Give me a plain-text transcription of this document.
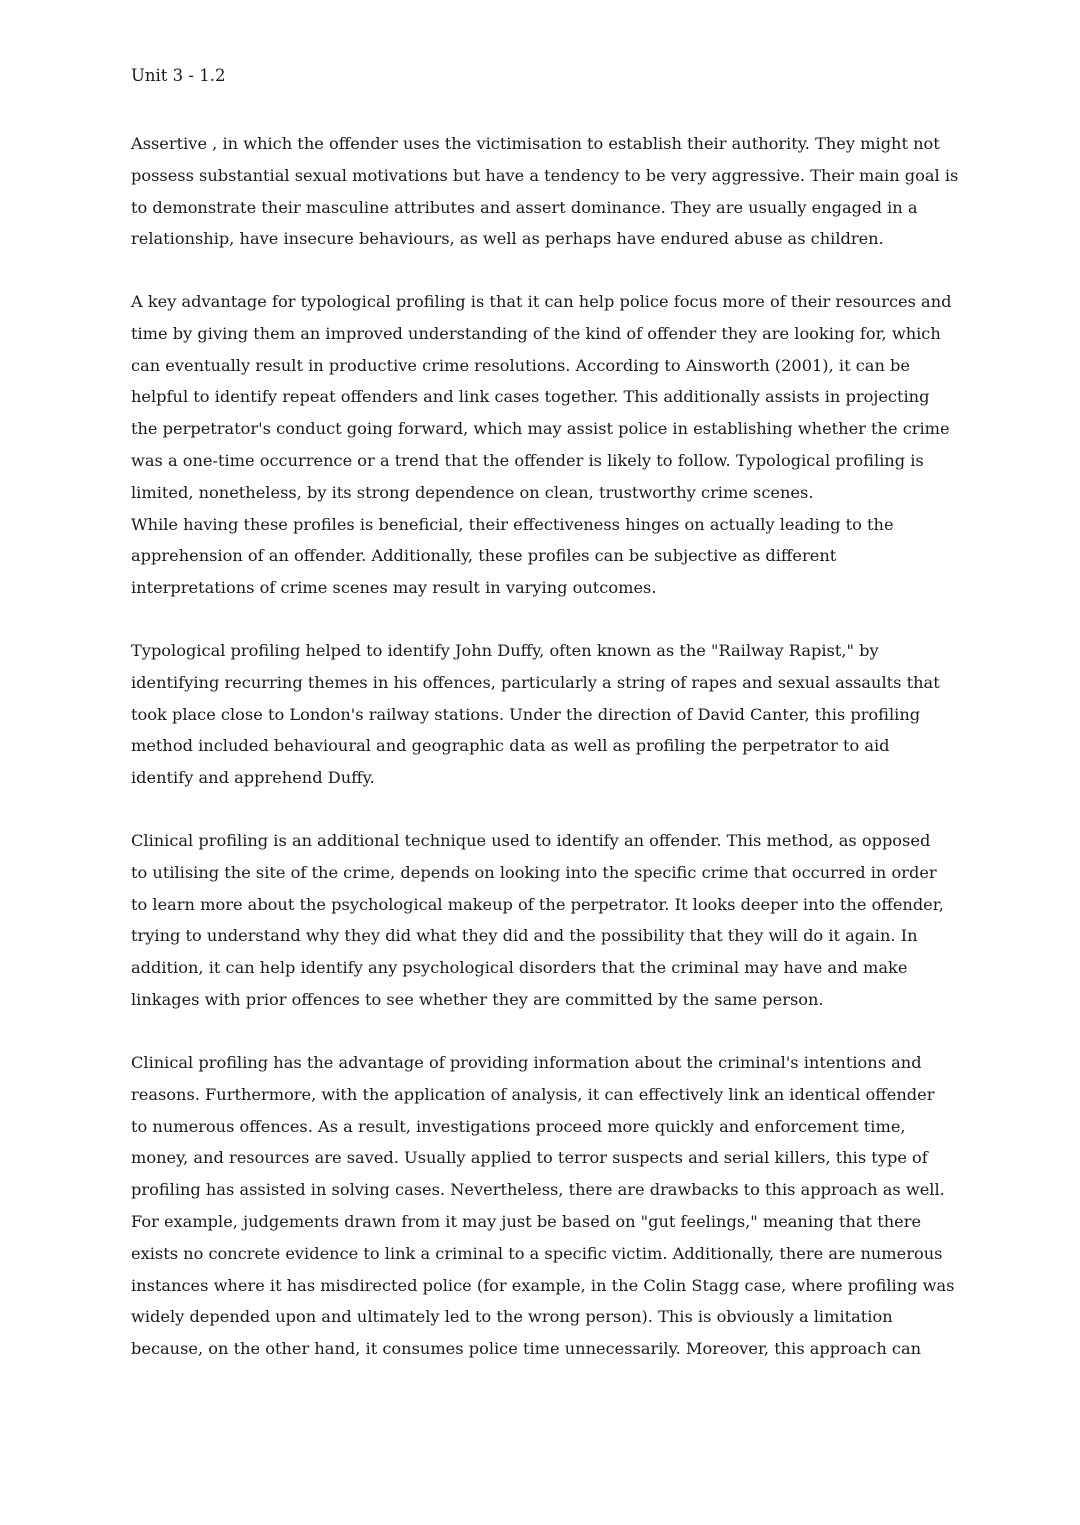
Unit 3 - 1.2
Assertive , in which the offender uses the victimisation to establish their authority. They might not
possess substantial sexual motivations but have a tendency to be very aggressive. Their main goal is
to demonstrate their masculine attributes and assert dominance. They are usually engaged in a
relationship, have insecure behaviours, as well as perhaps have endured abuse as children.
A key advantage for typological profiling is that it can help police focus more of their resources and
time by giving them an improved understanding of the kind of offender they are looking for, which
can eventually result in productive crime resolutions. According to Ainsworth (2001), it can be
helpful to identify repeat offenders and link cases together. This additionally assists in projecting
the perpetrator's conduct going forward, which may assist police in establishing whether the crime
was a one-time occurrence or a trend that the offender is likely to follow. Typological profiling is
limited, nonetheless, by its strong dependence on clean, trustworthy crime scenes.
While having these profiles is beneficial, their effectiveness hinges on actually leading to the
apprehension of an offender. Additionally, these profiles can be subjective as different
interpretations of crime scenes may result in varying outcomes.
Typological profiling helped to identify John Duffy, often known as the "Railway Rapist," by
identifying recurring themes in his offences, particularly a string of rapes and sexual assaults that
took place close to London's railway stations. Under the direction of David Canter, this profiling
method included behavioural and geographic data as well as profiling the perpetrator to aid
identify and apprehend Duffy.
Clinical profiling is an additional technique used to identify an offender. This method, as opposed
to utilising the site of the crime, depends on looking into the specific crime that occurred in order
to learn more about the psychological makeup of the perpetrator. It looks deeper into the offender,
trying to understand why they did what they did and the possibility that they will do it again. In
addition, it can help identify any psychological disorders that the criminal may have and make
linkages with prior offences to see whether they are committed by the same person.
Clinical profiling has the advantage of providing information about the criminal's intentions and
reasons. Furthermore, with the application of analysis, it can effectively link an identical offender
to numerous offences. As a result, investigations proceed more quickly and enforcement time,
money, and resources are saved. Usually applied to terror suspects and serial killers, this type of
profiling has assisted in solving cases. Nevertheless, there are drawbacks to this approach as well.
For example, judgements drawn from it may just be based on "gut feelings," meaning that there
exists no concrete evidence to link a criminal to a specific victim. Additionally, there are numerous
instances where it has misdirected police (for example, in the Colin Stagg case, where profiling was
widely depended upon and ultimately led to the wrong person). This is obviously a limitation
because, on the other hand, it consumes police time unnecessarily. Moreover, this approach can
